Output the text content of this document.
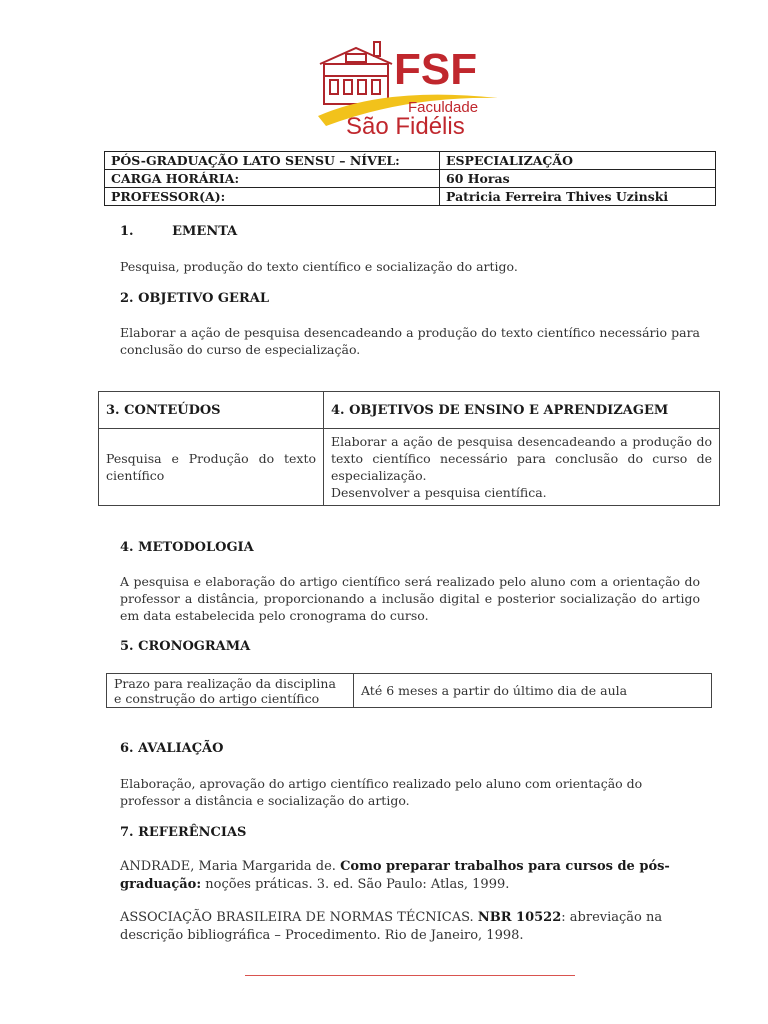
FSF
Faculdade
São Fidélis
PÓS-GRADUAÇÃO LATO SENSU – NÍVEL:	ESPECIALIZAÇÃO
CARGA HORÁRIA:	60 Horas
PROFESSOR(A):	Patricia Ferreira Thives Uzinski
1.	EMENTA

Pesquisa, produção do texto científico e socialização do artigo.

2. OBJETIVO GERAL

Elaborar a ação de pesquisa desencadeando a produção do texto científico necessário para conclusão do curso de especialização.

3. CONTEÚDOS	4. OBJETIVOS DE ENSINO E APRENDIZAGEM
Pesquisa e Produção do texto científico	Elaborar a ação de pesquisa desencadeando a produção do texto científico necessário para conclusão do curso de especialização.
Desenvolver a pesquisa científica.
4. METODOLOGIA

A pesquisa e elaboração do artigo científico será realizado pelo aluno com a orientação do professor a distância, proporcionando a inclusão digital e posterior socialização do artigo em data estabelecida pelo cronograma do curso.

5. CRONOGRAMA
Prazo para realização da disciplina e construção do artigo científico	Até 6 meses a partir do último dia de aula
6. AVALIAÇÃO

Elaboração, aprovação do artigo científico realizado pelo aluno com orientação do professor a distância e socialização do artigo.

7. REFERÊNCIAS

ANDRADE, Maria Margarida de. Como preparar trabalhos para cursos de pós-graduação: noções práticas. 3. ed. São Paulo: Atlas, 1999.

ASSOCIAÇÃO BRASILEIRA DE NORMAS TÉCNICAS. NBR 10522: abreviação na descrição bibliográfica – Procedimento. Rio de Janeiro, 1998.
